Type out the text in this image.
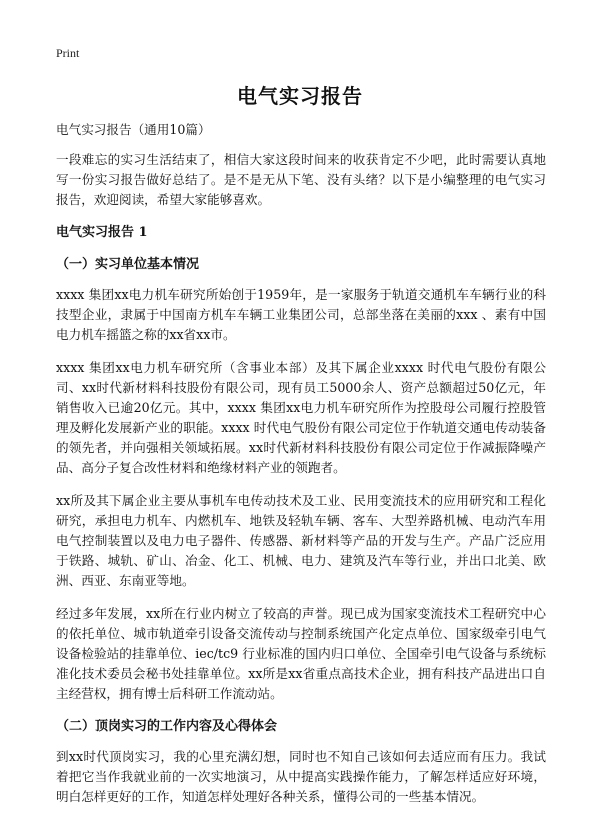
Print
电气实习报告
电气实习报告（通用10篇）

一段难忘的实习生活结束了，相信大家这段时间来的收获肯定不少吧，此时需要认真地写一份实习报告做好总结了。是不是无从下笔、没有头绪？以下是小编整理的电气实习报告，欢迎阅读，希望大家能够喜欢。

电气实习报告 1
（一）实习单位基本情况

xxxx 集团xx电力机车研究所始创于1959年，是一家服务于轨道交通机车车辆行业的科技型企业，隶属于中国南方机车车辆工业集团公司，总部坐落在美丽的xxx 、素有中国电力机车摇篮之称的xx省xx市。

xxxx 集团xx电力机车研究所（含事业本部）及其下属企业xxxx 时代电气股份有限公司、xx时代新材料科技股份有限公司，现有员工5000余人、资产总额超过50亿元，年销售收入已逾20亿元。其中，xxxx 集团xx电力机车研究所作为控股母公司履行控股管理及孵化发展新产业的职能。xxxx 时代电气股份有限公司定位于作轨道交通电传动装备的领先者，并向强相关领域拓展。xx时代新材料科技股份有限公司定位于作减振降噪产品、高分子复合改性材料和绝缘材料产业的领跑者。

xx所及其下属企业主要从事机车电传动技术及工业、民用变流技术的应用研究和工程化研究，承担电力机车、内燃机车、地铁及轻轨车辆、客车、大型养路机械、电动汽车用电气控制装置以及电力电子器件、传感器、新材料等产品的开发与生产。产品广泛应用于铁路、城轨、矿山、冶金、化工、机械、电力、建筑及汽车等行业，并出口北美、欧洲、西亚、东南亚等地。

经过多年发展，xx所在行业内树立了较高的声誉。现已成为国家变流技术工程研究中心的依托单位、城市轨道牵引设备交流传动与控制系统国产化定点单位、国家级牵引电气设备检验站的挂靠单位、iec/tc9 行业标准的国内归口单位、全国牵引电气设备与系统标准化技术委员会秘书处挂靠单位。xx所是xx省重点高技术企业，拥有科技产品进出口自主经营权，拥有博士后科研工作流动站。

（二）顶岗实习的工作内容及心得体会

到xx时代顶岗实习，我的心里充满幻想，同时也不知自己该如何去适应而有压力。我试着把它当作我就业前的一次实地演习，从中提高实践操作能力，了解怎样适应好环境，明白怎样更好的工作，知道怎样处理好各种关系，懂得公司的一些基本情况。
